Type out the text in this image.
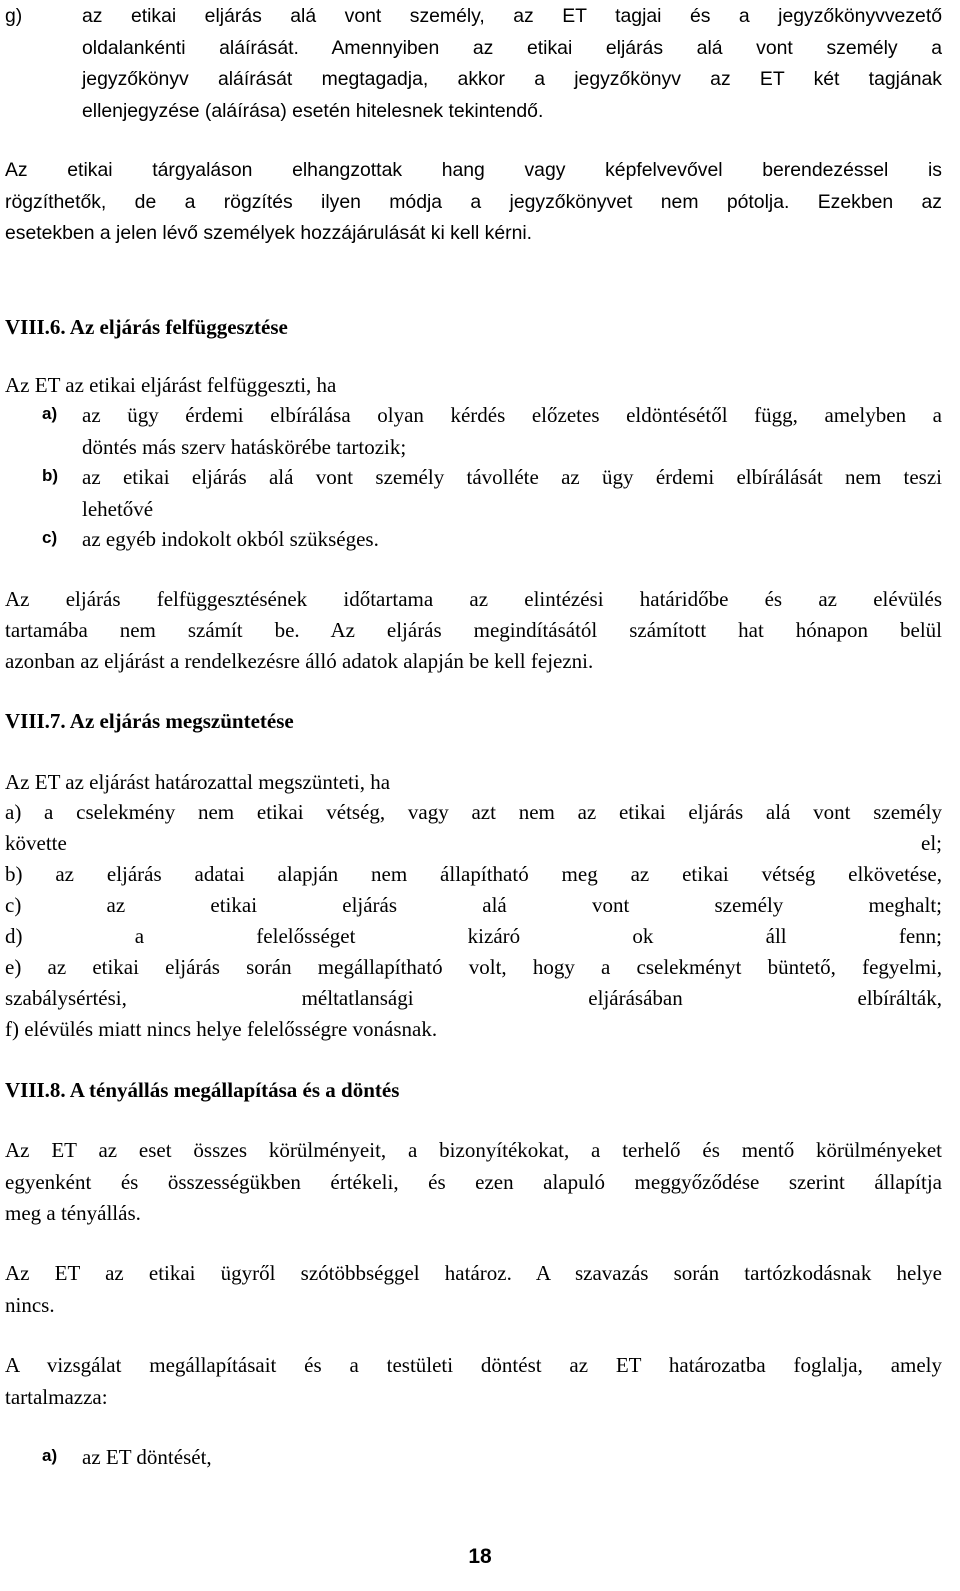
g)	az etikai eljárás alá vont személy, az ET tagjai és a jegyzőkönyvvezető
oldalankénti aláírását. Amennyiben az etikai eljárás alá vont személy a
jegyzőkönyv aláírását megtagadja, akkor a jegyzőkönyv az ET két tagjának
ellenjegyzése (aláírása) esetén hitelesnek tekintendő.
Az etikai tárgyaláson elhangzottak hang vagy képfelvevővel berendezéssel is
rögzíthetők, de a rögzítés ilyen módja a jegyzőkönyvet nem pótolja. Ezekben az
esetekben a jelen lévő személyek hozzájárulását ki kell kérni.
VIII.6. Az eljárás felfüggesztése
Az ET az etikai eljárást felfüggeszti, ha
a) az ügy érdemi elbírálása olyan kérdés előzetes eldöntésétől függ, amelyben a
döntés más szerv hatáskörébe tartozik;
b) az etikai eljárás alá vont személy távolléte az ügy érdemi elbírálását nem teszi
lehetővé
c) az egyéb indokolt okból szükséges.
Az eljárás felfüggesztésének időtartama az elintézési határidőbe és az elévülés
tartamába nem számít be. Az eljárás megindításától számított hat hónapon belül
azonban az eljárást a rendelkezésre álló adatok alapján be kell fejezni.
VIII.7. Az eljárás megszüntetése
Az ET az eljárást határozattal megszünteti, ha
a) a cselekmény nem etikai vétség, vagy azt nem az etikai eljárás alá vont személy
követte el;
b) az eljárás adatai alapján nem állapítható meg az etikai vétség elkövetése,
c) az etikai eljárás alá vont személy meghalt;
d) a felelősséget kizáró ok áll fenn;
e) az etikai eljárás során megállapítható volt, hogy a cselekményt büntető, fegyelmi,
szabálysértési, méltatlansági eljárásában elbírálták,
f) elévülés miatt nincs helye felelősségre vonásnak.
VIII.8. A tényállás megállapítása és a döntés
Az ET az eset összes körülményeit, a bizonyítékokat, a terhelő és mentő körülményeket
egyenként és összességükben értékeli, és ezen alapuló meggyőződése szerint állapítja
meg a tényállás.
Az ET az etikai ügyről szótöbbséggel határoz. A szavazás során tartózkodásnak helye
nincs.
A vizsgálat megállapításait és a testületi döntést az ET határozatba foglalja, amely
tartalmazza:
a) az ET döntését,
18
